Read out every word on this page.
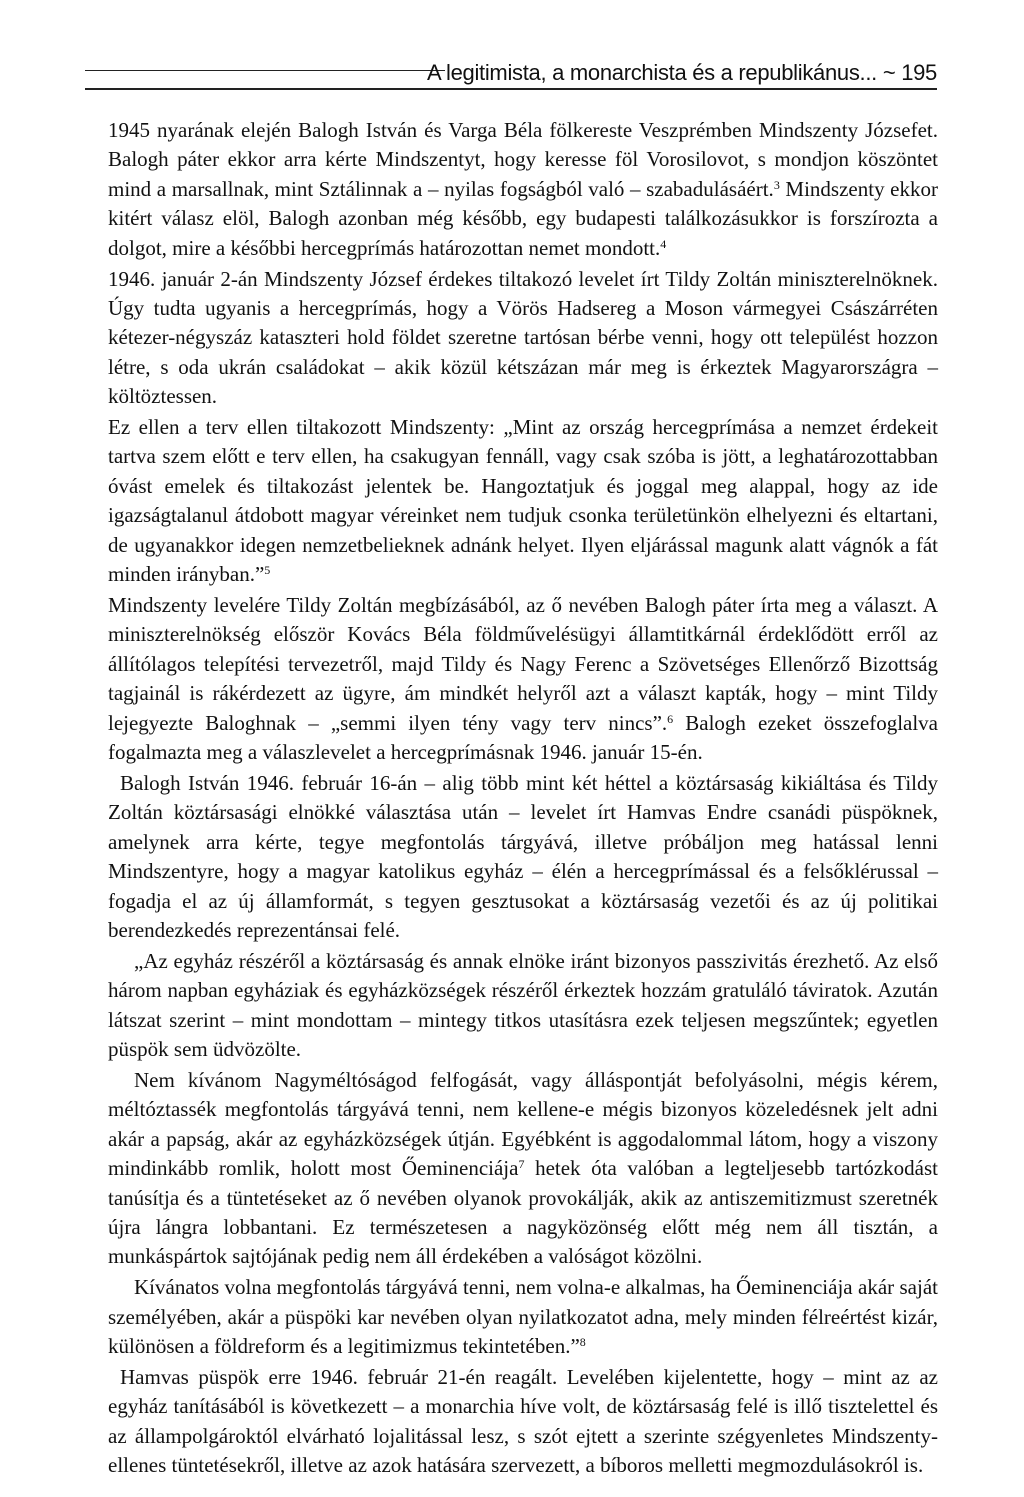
A legitimista, a monarchista és a republikánus... ~ 195

1945 nyarának elején Balogh István és Varga Béla fölkereste Veszprémben Mindszenty Józsefet. Balogh páter ekkor arra kérte Mindszentyt, hogy keresse föl Vorosilovot, s mondjon köszöntet mind a marsallnak, mint Sztálinnak a – nyilas fogságból való – szabadulásáért.$^3$ Mindszenty ekkor kitért válasz elöl, Balogh azonban még később, egy budapesti találkozásukkor is forszírozta a dolgot, mire a későbbi hercegprímás határozottan nemet mondott.$^4$

1946. január 2-án Mindszenty József érdekes tiltakozó levelet írt Tildy Zoltán miniszterelnöknek. Úgy tudta ugyanis a hercegprímás, hogy a Vörös Hadsereg a Moson vármegyei Császárréten kétezer-négyszáz kataszteri hold földet szeretne tartósan bérbe venni, hogy ott települést hozzon létre, s oda ukrán családokat – akik közül kétszázan már meg is érkeztek Magyarországra – költöztessen.

Ez ellen a terv ellen tiltakozott Mindszenty: „Mint az ország hercegprímása a nemzet érdekeit tartva szem előtt e terv ellen, ha csakugyan fennáll, vagy csak szóba is jött, a leghatározottabban óvást emelek és tiltakozást jelentek be. Hangoztatjuk és joggal meg alappal, hogy az ide igazságtalanul átdobott magyar véreinket nem tudjuk csonka területünkön elhelyezni és eltartani, de ugyanakkor idegen nemzetbelieknek adnánk helyet. Ilyen eljárással magunk alatt vágnók a fát minden irányban.”$^5$

Mindszenty levelére Tildy Zoltán megbízásából, az ő nevében Balogh páter írta meg a választ. A miniszterelnökség először Kovács Béla földművelésügyi államtitkárnál érdeklődött erről az állítólagos telepítési tervezetről, majd Tildy és Nagy Ferenc a Szövetséges Ellenőrző Bizottság tagjainál is rákérdezett az ügyre, ám mindkét helyről azt a választ kapták, hogy – mint Tildy lejegyezte Baloghnak – „semmi ilyen tény vagy terv nincs”.$^6$ Balogh ezeket összefoglalva fogalmazta meg a válaszlevelet a hercegprímásnak 1946. január 15-én.

Balogh István 1946. február 16-án – alig több mint két héttel a köztársaság kikiáltása és Tildy Zoltán köztársasági elnökké választása után – levelet írt Hamvas Endre csanádi püspöknek, amelynek arra kérte, tegye megfontolás tárgyává, illetve próbáljon meg hatással lenni Mindszentyre, hogy a magyar katolikus egyház – élén a hercegprímással és a felsőklérussal – fogadja el az új államformát, s tegyen gesztusokat a köztársaság vezetői és az új politikai berendezkedés reprezentánsai felé.

„Az egyház részéről a köztársaság és annak elnöke iránt bizonyos passzivitás érezhető. Az első három napban egyháziak és egyházközségek részéről érkeztek hozzám gratuláló táviratok. Azután látszat szerint – mint mondottam – mintegy titkos utasításra ezek teljesen megszűntek; egyetlen püspök sem üdvözölte.

Nem kívánom Nagyméltóságod felfogását, vagy álláspontját befolyásolni, mégis kérem, méltóztassék megfontolás tárgyává tenni, nem kellene-e mégis bizonyos közeledésnek jelt adni akár a papság, akár az egyházközségek útján. Egyébként is aggodalommal látom, hogy a viszony mindinkább romlik, holott most Őeminenciája$^7$ hetek óta valóban a legteljesebb tartózkodást tanúsítja és a tüntetéseket az ő nevében olyanok provokálják, akik az antiszemitizmust szeretnék újra lángra lobbantani. Ez természetesen a nagyközönség előtt még nem áll tisztán, a munkáspártok sajtójának pedig nem áll érdekében a valóságot közölni.

Kívánatos volna megfontolás tárgyává tenni, nem volna-e alkalmas, ha Őeminenciája akár saját személyében, akár a püspöki kar nevében olyan nyilatkozatot adna, mely minden félreértést kizár, különösen a földreform és a legitimizmus tekintetében.”$^8$

Hamvas püspök erre 1946. február 21-én reagált. Levelében kijelentette, hogy – mint az az egyház tanításából is következett – a monarchia híve volt, de köztársaság felé is illő tisztelettel és az állampolgároktól elvárható lojalitással lesz, s szót ejtett a szerinte szégyenletes Mindszenty-ellenes tüntetésekről, illetve az azok hatására szervezett, a bíboros melletti megmozdulásokról is.
